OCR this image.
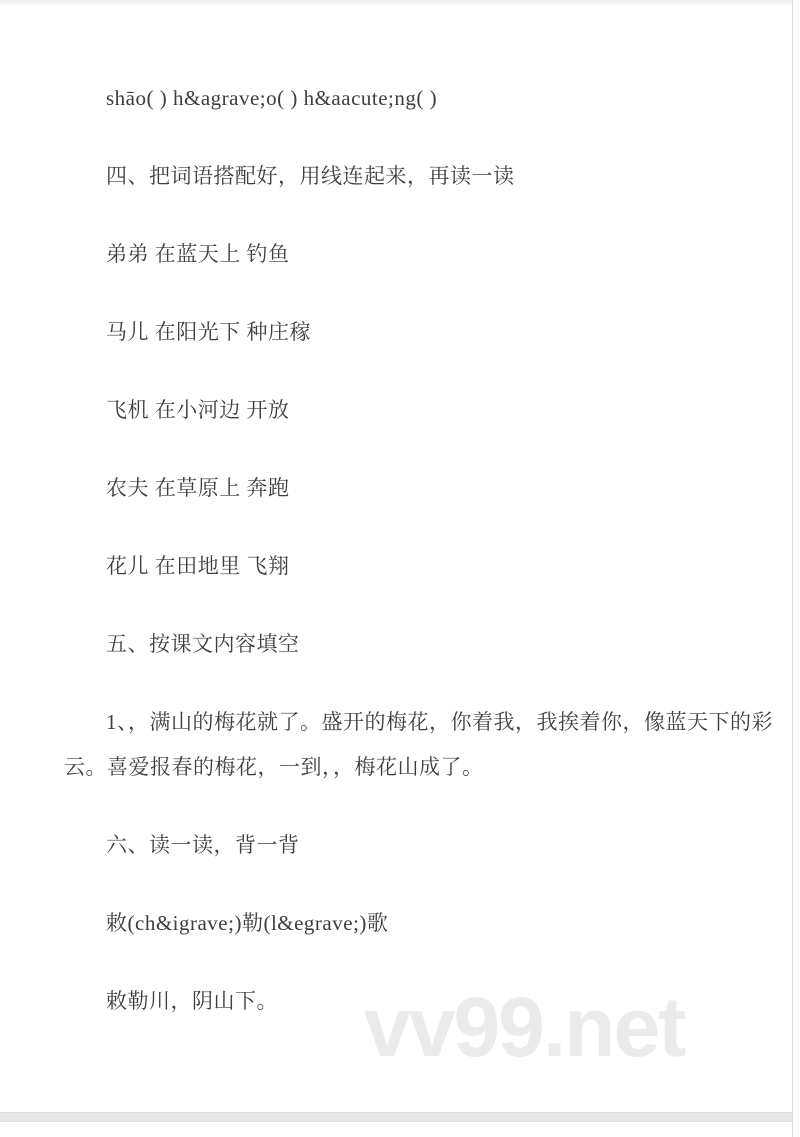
shāo( ) h&agrave;o( ) h&aacute;ng( )
四、把词语搭配好，用线连起来，再读一读
弟弟 在蓝天上 钓鱼
马儿 在阳光下 种庄稼
飞机 在小河边 开放
农夫 在草原上 奔跑
花儿 在田地里 飞翔
五、按课文内容填空
1、，满山的梅花就了。盛开的梅花，你着我，我挨着你，像蓝天下的彩
云。喜爱报春的梅花，一到，，梅花山成了。
六、读一读，背一背
敕(ch&igrave;)勒(l&egrave;)歌
敕勒川，阴山下。	vv99.net
